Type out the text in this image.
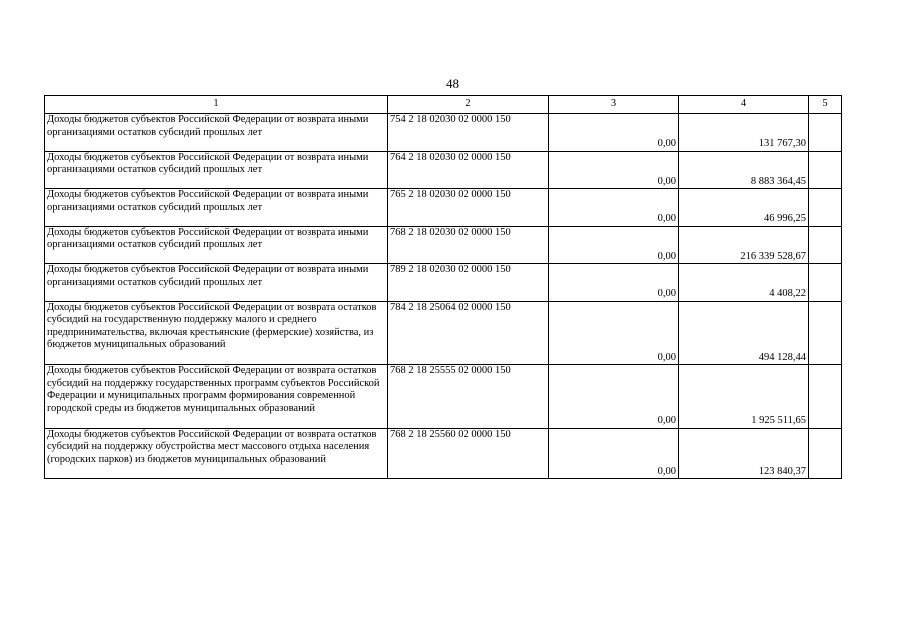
48
1	2	3	4	5
Доходы бюджетов субъектов Российской Федерации от возврата иными организациями остатков субсидий прошлых лет	754 2 18 02030 02 0000 150	0,00	131 767,30	
Доходы бюджетов субъектов Российской Федерации от возврата иными организациями остатков субсидий прошлых лет	764 2 18 02030 02 0000 150	0,00	8 883 364,45	
Доходы бюджетов субъектов Российской Федерации от возврата иными организациями остатков субсидий прошлых лет	765 2 18 02030 02 0000 150	0,00	46 996,25	
Доходы бюджетов субъектов Российской Федерации от возврата иными организациями остатков субсидий прошлых лет	768 2 18 02030 02 0000 150	0,00	216 339 528,67	
Доходы бюджетов субъектов Российской Федерации от возврата иными организациями остатков субсидий прошлых лет	789 2 18 02030 02 0000 150	0,00	4 408,22	
Доходы бюджетов субъектов Российской Федерации от возврата остатков субсидий на государственную поддержку малого и среднего предпринимательства, включая крестьянские (фермерские) хозяйства, из бюджетов муниципальных образований	784 2 18 25064 02 0000 150	0,00	494 128,44	
Доходы бюджетов субъектов Российской Федерации от возврата остатков субсидий на поддержку государственных программ субъектов Российской Федерации и муниципальных программ формирования современной городской среды из бюджетов муниципальных образований	768 2 18 25555 02 0000 150	0,00	1 925 511,65	
Доходы бюджетов субъектов Российской Федерации от возврата остатков субсидий на поддержку обустройства мест массового отдыха населения (городских парков) из бюджетов муниципальных образований	768 2 18 25560 02 0000 150	0,00	123 840,37	
